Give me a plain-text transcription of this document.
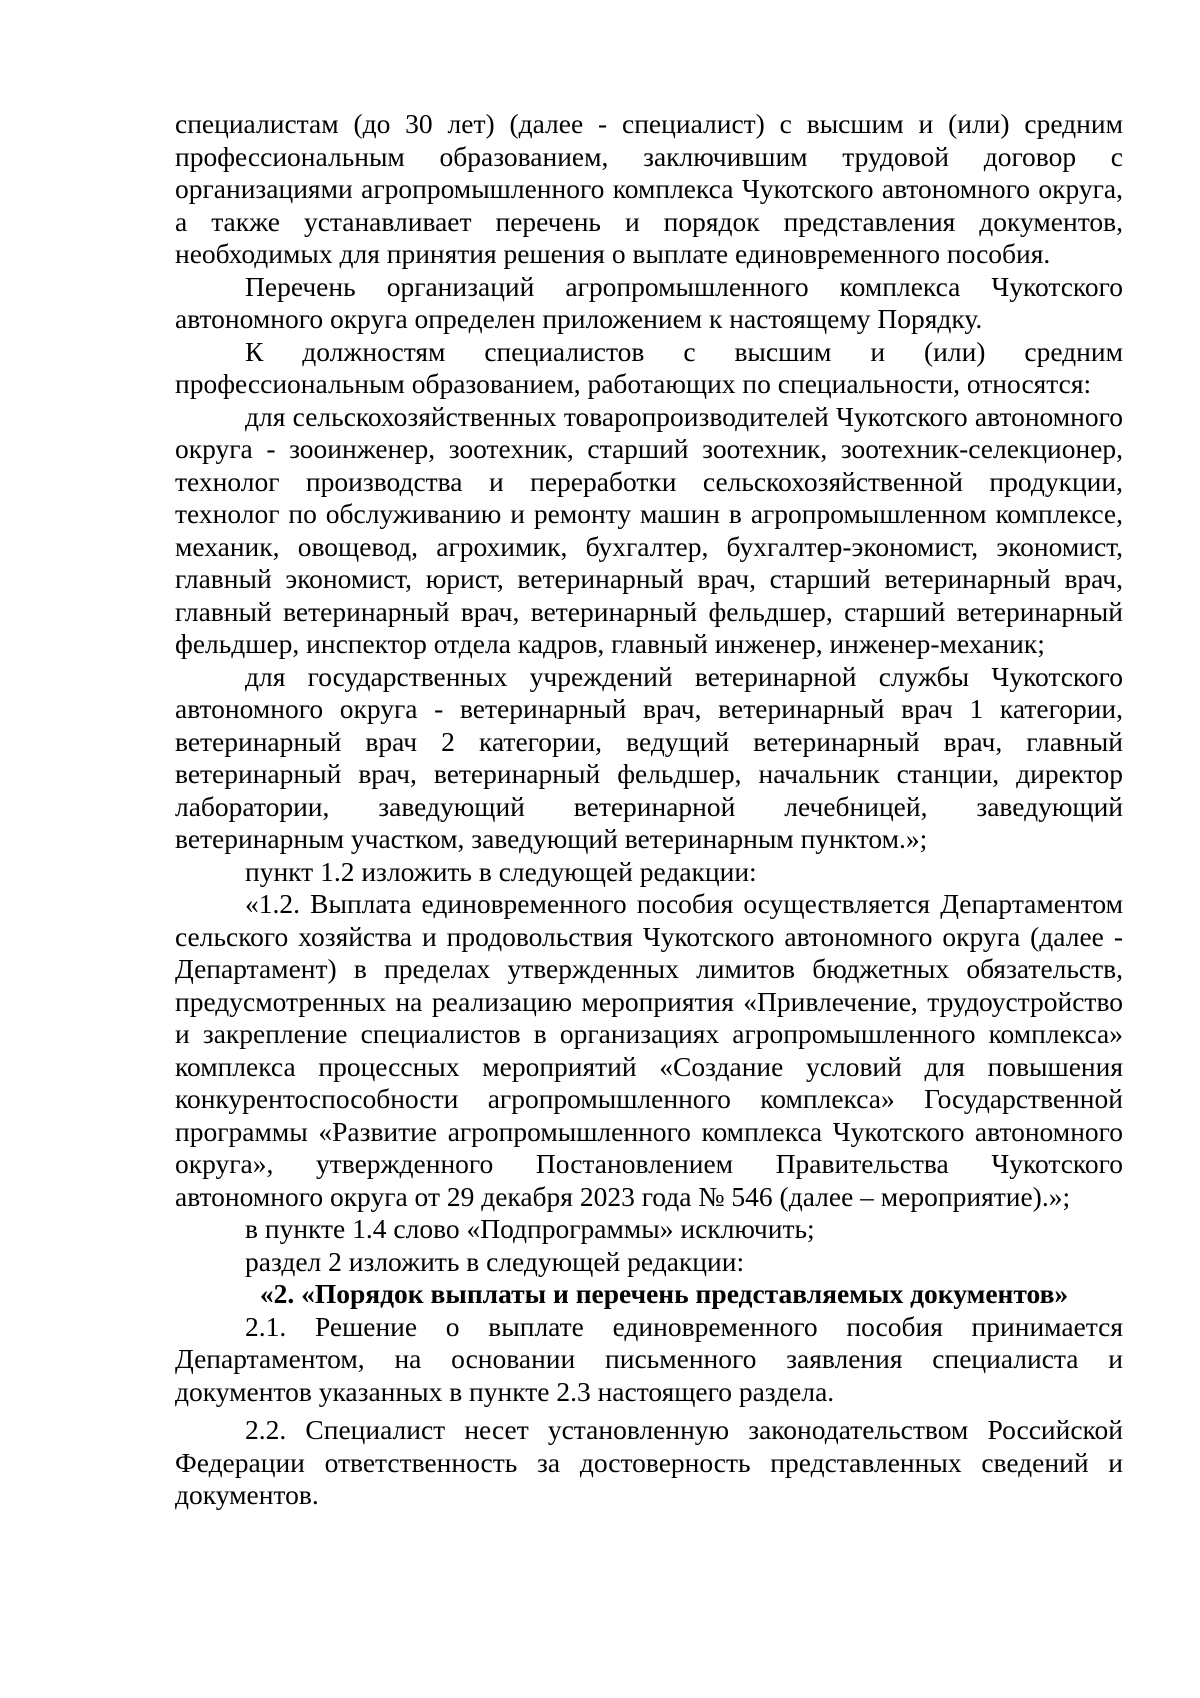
специалистам (до 30 лет) (далее - специалист) с высшим и (или) средним профессиональным образованием, заключившим трудовой договор с организациями агропромышленного комплекса Чукотского автономного округа, а также устанавливает перечень и порядок представления документов, необходимых для принятия решения о выплате единовременного пособия.

Перечень организаций агропромышленного комплекса Чукотского автономного округа определен приложением к настоящему Порядку.

К должностям специалистов с высшим и (или) средним профессиональным образованием, работающих по специальности, относятся:

для сельскохозяйственных товаропроизводителей Чукотского автономного округа - зооинженер, зоотехник, старший зоотехник, зоотехник-селекционер, технолог производства и переработки сельскохозяйственной продукции, технолог по обслуживанию и ремонту машин в агропромышленном комплексе, механик, овощевод, агрохимик, бухгалтер, бухгалтер-экономист, экономист, главный экономист, юрист, ветеринарный врач, старший ветеринарный врач, главный ветеринарный врач, ветеринарный фельдшер, старший ветеринарный фельдшер, инспектор отдела кадров, главный инженер, инженер-механик;

для государственных учреждений ветеринарной службы Чукотского автономного округа - ветеринарный врач, ветеринарный врач 1 категории, ветеринарный врач 2 категории, ведущий ветеринарный врач, главный ветеринарный врач, ветеринарный фельдшер, начальник станции, директор лаборатории, заведующий ветеринарной лечебницей, заведующий ветеринарным участком, заведующий ветеринарным пунктом.»;

пункт 1.2 изложить в следующей редакции:

«1.2. Выплата единовременного пособия осуществляется Департаментом сельского хозяйства и продовольствия Чукотского автономного округа (далее - Департамент) в пределах утвержденных лимитов бюджетных обязательств, предусмотренных на реализацию мероприятия «Привлечение, трудоустройство и закрепление специалистов в организациях агропромышленного комплекса» комплекса процессных мероприятий «Создание условий для повышения конкурентоспособности агропромышленного комплекса» Государственной программы «Развитие агропромышленного комплекса Чукотского автономного округа», утвержденного Постановлением Правительства Чукотского автономного округа от 29 декабря 2023 года № 546 (далее – мероприятие).»;

в пункте 1.4 слово «Подпрограммы» исключить;

раздел 2 изложить в следующей редакции:

«2. «Порядок выплаты и перечень представляемых документов»

2.1. Решение о выплате единовременного пособия принимается Департаментом, на основании письменного заявления специалиста и документов указанных в пункте 2.3 настоящего раздела.

2.2. Специалист несет установленную законодательством Российской Федерации ответственность за достоверность представленных сведений и документов.
